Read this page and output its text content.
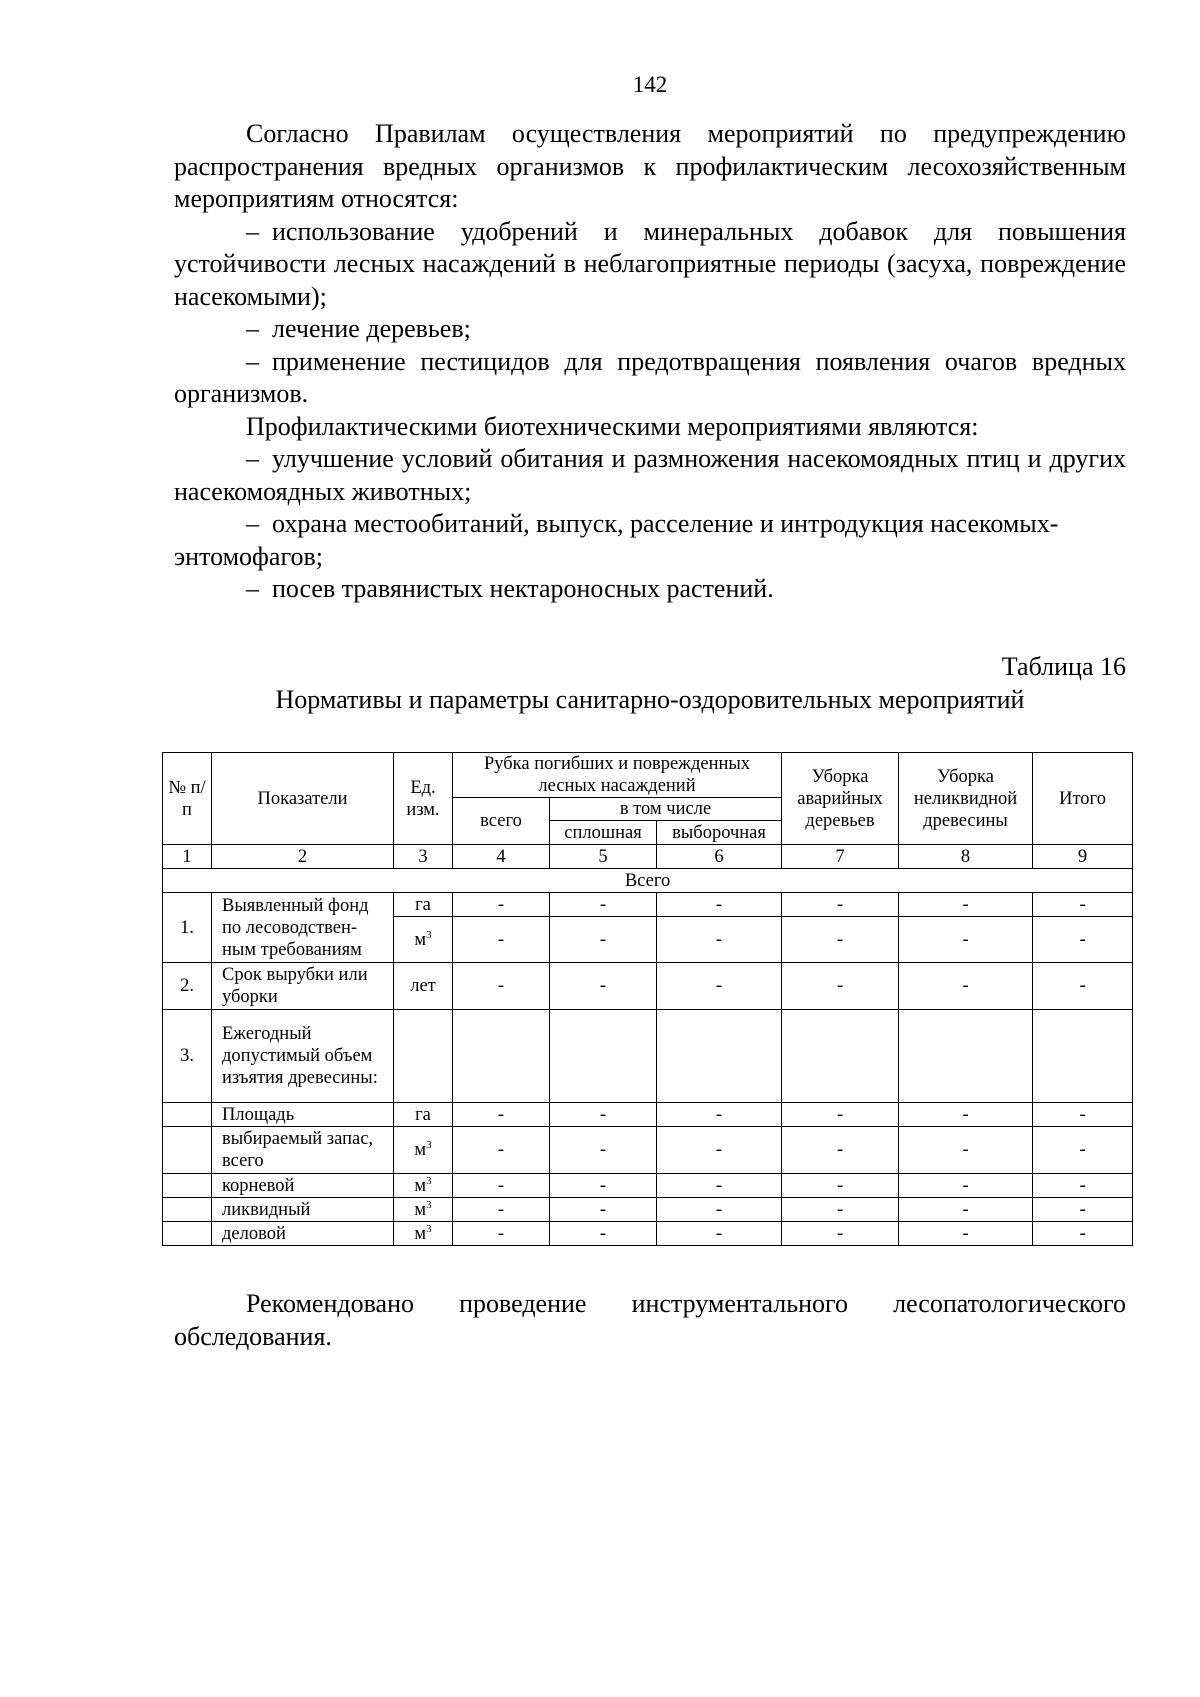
142

Согласно Правилам осуществления мероприятий по предупреждению распространения вредных организмов к профилактическим лесохозяйственным мероприятиям относятся:

– использование удобрений и минеральных добавок для повышения устойчивости лесных насаждений в неблагоприятные периоды (засуха, повреждение насекомыми);

– лечение деревьев;

– применение пестицидов для предотвращения появления очагов вредных организмов.

Профилактическими биотехническими мероприятиями являются:

– улучшение условий обитания и размножения насекомоядных птиц и других насекомоядных животных;

– охрана местообитаний, выпуск, расселение и интродукция насекомых-энтомофагов;

– посев травянистых нектароносных растений.

Таблица 16
Нормативы и параметры санитарно-оздоровительных мероприятий
№ п/п	Показатели	Ед. изм.	Рубка погибших и поврежденных лесных насаждений			Уборка аварийных деревьев	Уборка неликвидной древесины	Итого
			всего	в том числе				
				сплошная	выборочная			
1	2	3	4	5	6	7	8	9
Всего								
1.	Выявленный фонд по лесоводствен-ным требованиям	га	-	-	-	-	-	-
		$м^3$	-	-	-	-	-	-
2.	Срок вырубки или уборки	лет	-	-	-	-	-	-
3.	Ежегодный допустимый объем изъятия древесины:							
	Площадь	га	-	-	-	-	-	-
	выбираемый запас, всего	$м^3$	-	-	-	-	-	-
	корневой	$м^3$	-	-	-	-	-	-
	ликвидный	$м^3$	-	-	-	-	-	-
	деловой	$м^3$	-	-	-	-	-	-

Рекомендовано проведение инструментального лесопатологического обследования.
